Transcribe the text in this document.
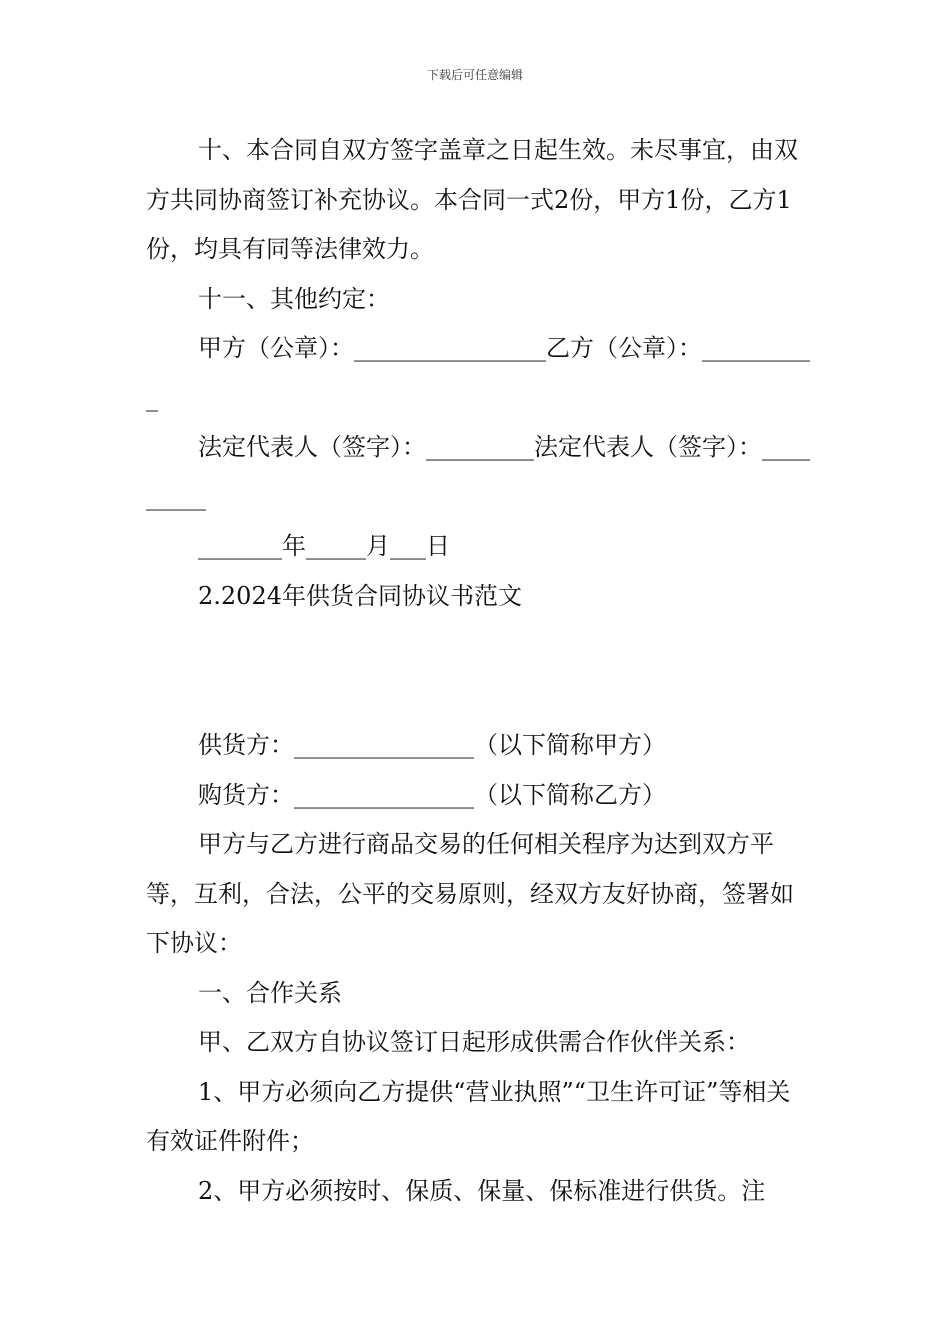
下载后可任意编辑

十、本合同自双方签字盖章之日起生效。未尽事宜，由双方共同协商签订补充协议。本合同一式2份，甲方1份，乙方1份，均具有同等法律效力。

十一、其他约定：

甲方（公章）：________________乙方（公章）：__________

法定代表人（签字）：_________法定代表人（签字）：_________

_______年_____月___日

2.2024年供货合同协议书范文

供货方：_______________（以下简称甲方）

购货方：_______________（以下简称乙方）

甲方与乙方进行商品交易的任何相关程序为达到双方平等，互利，合法，公平的交易原则，经双方友好协商，签署如下协议：

一、合作关系

甲、乙双方自协议签订日起形成供需合作伙伴关系：

1、甲方必须向乙方提供“营业执照”“卫生许可证”等相关有效证件附件；

2、甲方必须按时、保质、保量、保标准进行供货。注
